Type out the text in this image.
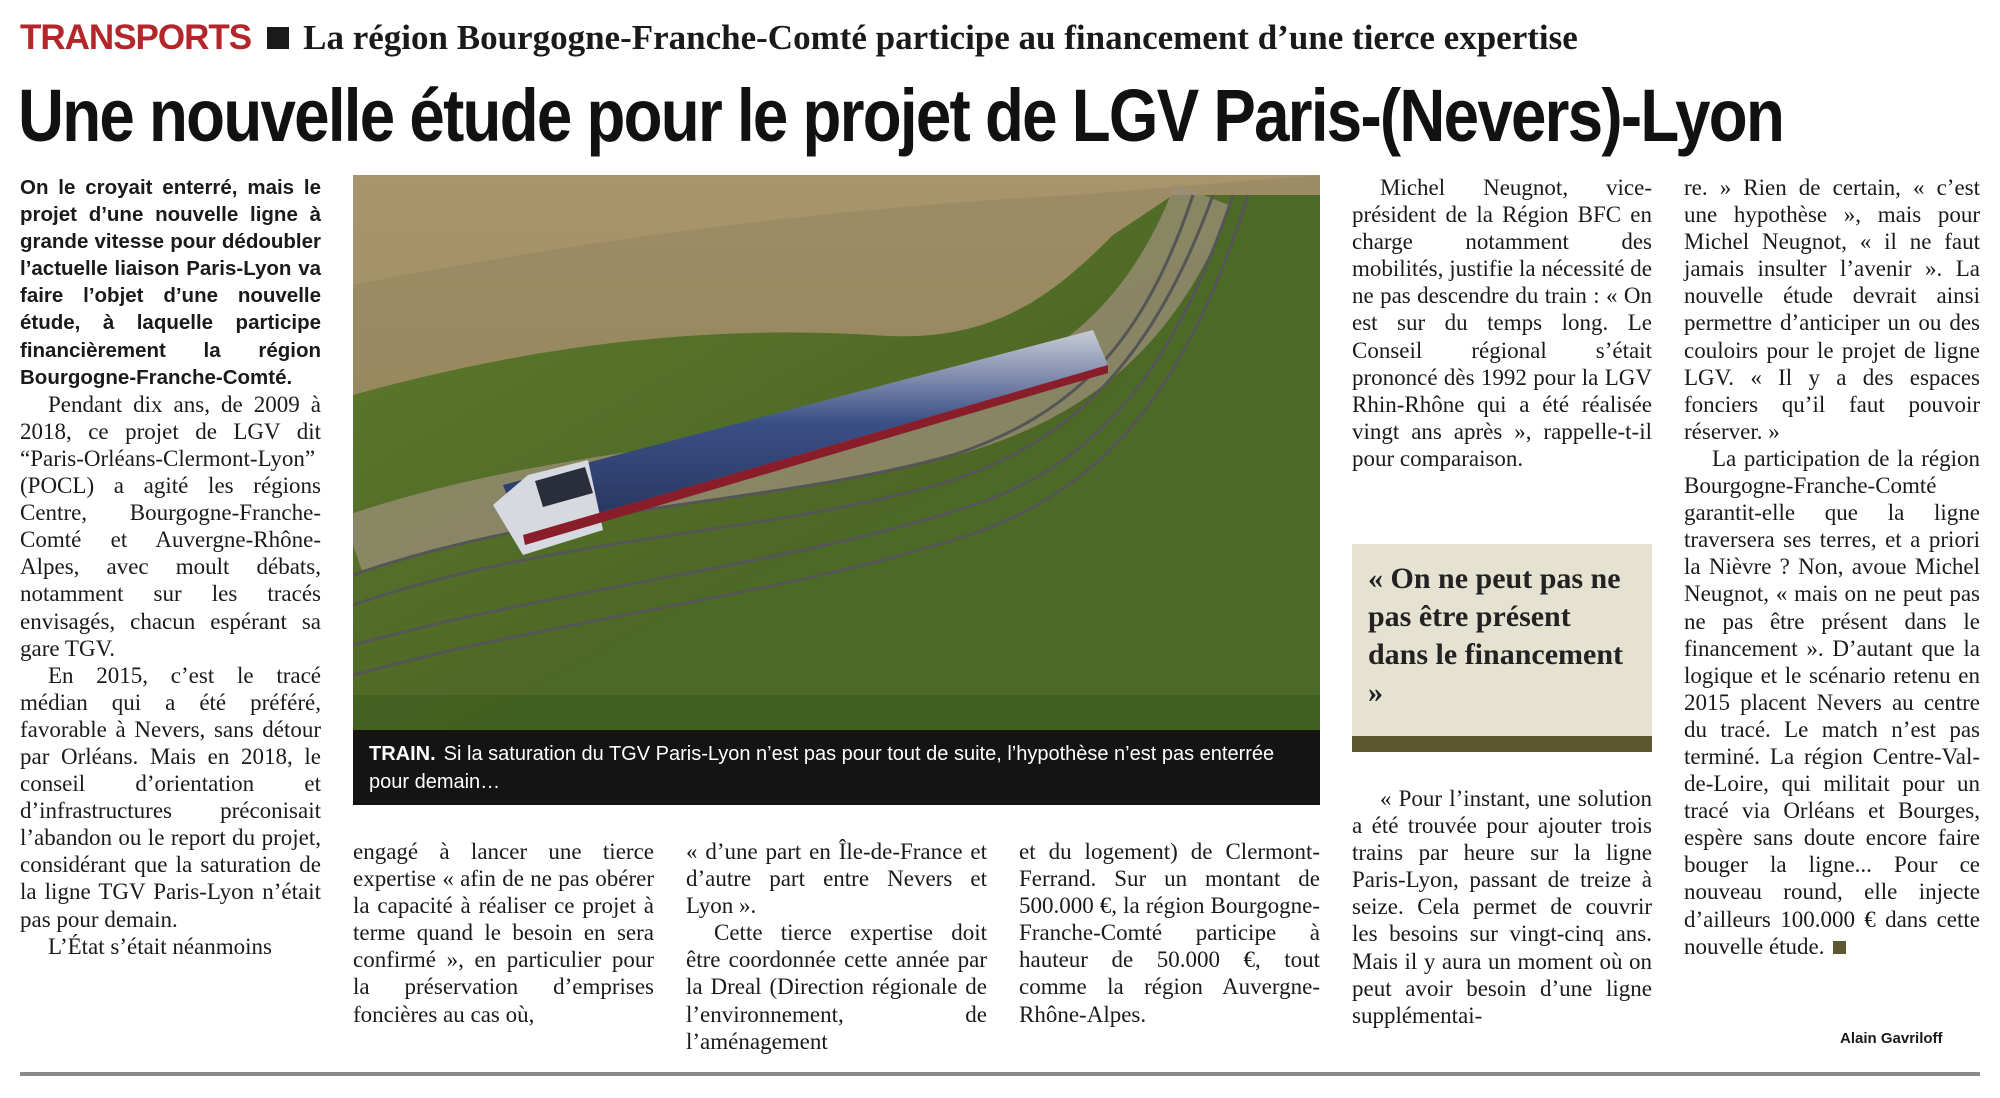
TRANSPORTS La région Bourgogne-Franche-Comté participe au financement d’une tierce expertise
Une nouvelle étude pour le projet de LGV Paris-(Nevers)-Lyon

On le croyait enterré, mais le projet d’une nouvelle ligne à grande vitesse pour dédoubler l’actuelle liaison Paris-Lyon va faire l’objet d’une nouvelle étude, à laquelle participe financièrement la région Bourgogne-Franche-Comté.

Pendant dix ans, de 2009 à 2018, ce projet de LGV dit “Paris-Orléans-Clermont-Lyon” (POCL) a agité les régions Centre, Bourgogne-Franche-Comté et Auvergne-Rhône-Alpes, avec moult débats, notamment sur les tracés envisagés, chacun espérant sa gare TGV.

En 2015, c’est le tracé médian qui a été préféré, favorable à Nevers, sans détour par Orléans. Mais en 2018, le conseil d’orientation et d’infrastructures préconisait l’abandon ou le report du projet, considérant que la saturation de la ligne TGV Paris-Lyon n’était pas pour demain.

L’État s’était néanmoins

TRAIN. Si la saturation du TGV Paris-Lyon n’est pas pour tout de suite, l’hypothèse n’est pas enterrée pour demain…

engagé à lancer une tierce expertise « afin de ne pas obérer la capacité à réaliser ce projet à terme quand le besoin en sera confirmé », en particulier pour la préservation d’emprises foncières au cas où,

« d’une part en Île-de-France et d’autre part entre Nevers et Lyon ».

Cette tierce expertise doit être coordonnée cette année par la Dreal (Direction régionale de l’environnement, de l’aménagement

et du logement) de Clermont-Ferrand. Sur un montant de 500.000 €, la région Bourgogne-Franche-Comté participe à hauteur de 50.000 €, tout comme la région Auvergne-Rhône-Alpes.

Michel Neugnot, vice-président de la Région BFC en charge notamment des mobilités, justifie la nécessité de ne pas descendre du train : « On est sur du temps long. Le Conseil régional s’était prononcé dès 1992 pour la LGV Rhin-Rhône qui a été réalisée vingt ans après », rappelle-t-il pour comparaison.

« On ne peut pas ne pas être présent dans le financement »

« Pour l’instant, une solution a été trouvée pour ajouter trois trains par heure sur la ligne Paris-Lyon, passant de treize à seize. Cela permet de couvrir les besoins sur vingt-cinq ans. Mais il y aura un moment où on peut avoir besoin d’une ligne supplémentai-

re. » Rien de certain, « c’est une hypothèse », mais pour Michel Neugnot, « il ne faut jamais insulter l’avenir ». La nouvelle étude devrait ainsi permettre d’anticiper un ou des couloirs pour le projet de ligne LGV. « Il y a des espaces fonciers qu’il faut pouvoir réserver. »

La participation de la région Bourgogne-Franche-Comté garantit-elle que la ligne traversera ses terres, et a priori la Nièvre ? Non, avoue Michel Neugnot, « mais on ne peut pas ne pas être présent dans le financement ». D’autant que la logique et le scénario retenu en 2015 placent Nevers au centre du tracé. Le match n’est pas terminé. La région Centre-Val-de-Loire, qui militait pour un tracé via Orléans et Bourges, espère sans doute encore faire bouger la ligne... Pour ce nouveau round, elle injecte d’ailleurs 100.000 € dans cette nouvelle étude.

Alain Gavriloff
